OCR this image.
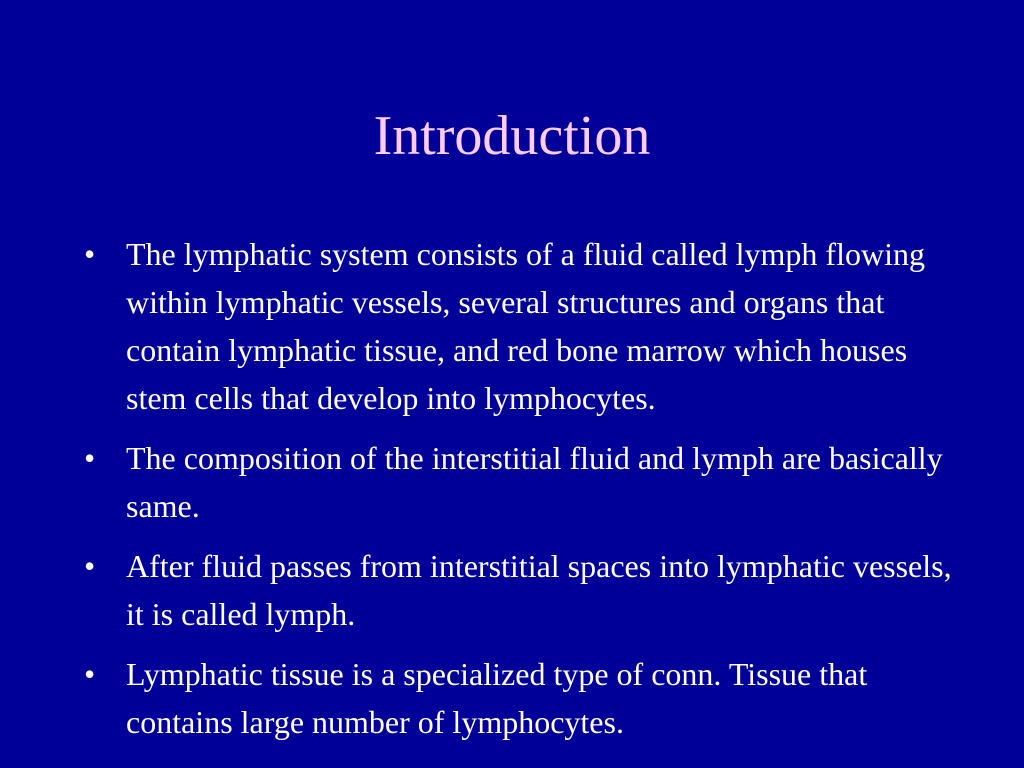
Introduction
• The lymphatic system consists of a fluid called lymph flowing within lymphatic vessels, several structures and organs that contain lymphatic tissue, and red bone marrow which houses stem cells that develop into lymphocytes.
• The composition of the interstitial fluid and lymph are basically same.
• After fluid passes from interstitial spaces into lymphatic vessels, it is called lymph.
• Lymphatic tissue is a specialized type of conn. Tissue that contains large number of lymphocytes.
